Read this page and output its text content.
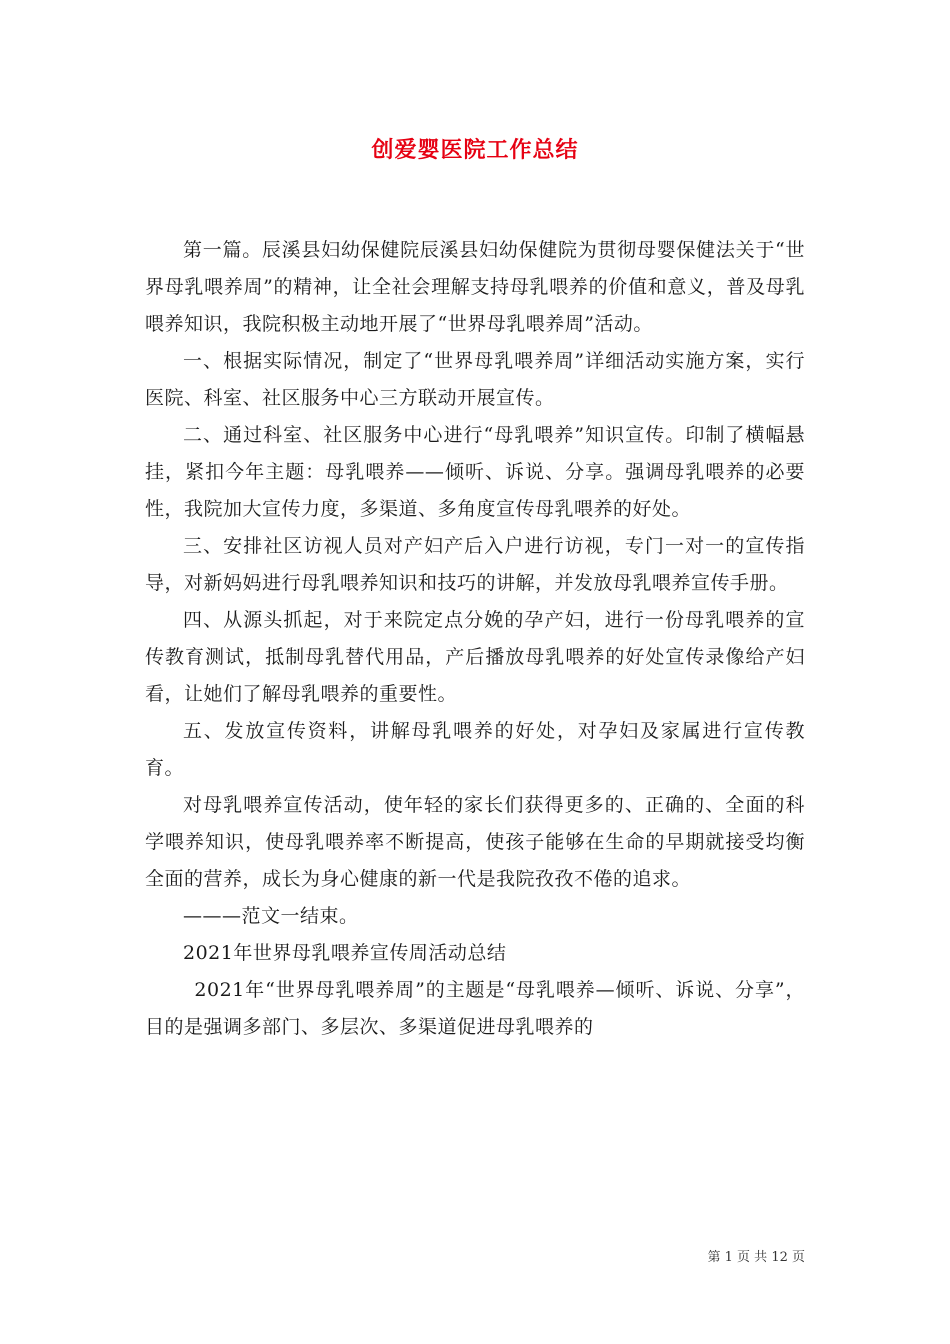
创爱婴医院工作总结

第一篇。辰溪县妇幼保健院辰溪县妇幼保健院为贯彻母婴保健法关于“世界母乳喂养周”的精神，让全社会理解支持母乳喂养的价值和意义，普及母乳喂养知识，我院积极主动地开展了“世界母乳喂养周”活动。

一、根据实际情况，制定了“世界母乳喂养周”详细活动实施方案，实行医院、科室、社区服务中心三方联动开展宣传。

二、通过科室、社区服务中心进行“母乳喂养”知识宣传。印制了横幅悬挂，紧扣今年主题：母乳喂养——倾听、诉说、分享。强调母乳喂养的必要性，我院加大宣传力度，多渠道、多角度宣传母乳喂养的好处。

三、安排社区访视人员对产妇产后入户进行访视，专门一对一的宣传指导，对新妈妈进行母乳喂养知识和技巧的讲解，并发放母乳喂养宣传手册。

四、从源头抓起，对于来院定点分娩的孕产妇，进行一份母乳喂养的宣传教育测试，抵制母乳替代用品，产后播放母乳喂养的好处宣传录像给产妇看，让她们了解母乳喂养的重要性。

五、发放宣传资料，讲解母乳喂养的好处，对孕妇及家属进行宣传教育。

对母乳喂养宣传活动，使年轻的家长们获得更多的、正确的、全面的科学喂养知识，使母乳喂养率不断提高，使孩子能够在生命的早期就接受均衡全面的营养，成长为身心健康的新一代是我院孜孜不倦的追求。

———范文一结束。

2021年世界母乳喂养宣传周活动总结

2021年“世界母乳喂养周”的主题是“母乳喂养—倾听、诉说、分享”，目的是强调多部门、多层次、多渠道促进母乳喂养的

第 1 页 共 12 页
